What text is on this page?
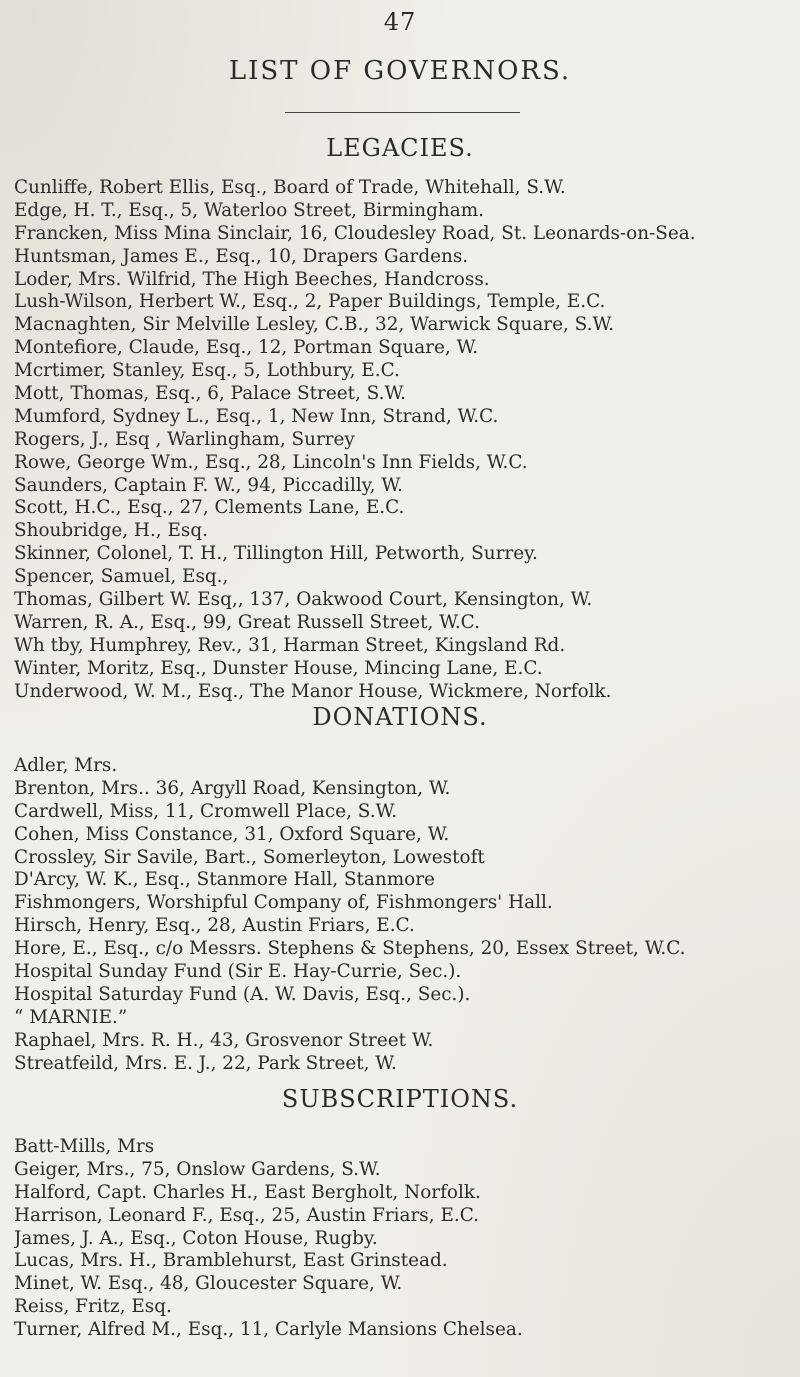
47
LIST OF GOVERNORS.
LEGACIES.
Cunliffe, Robert Ellis, Esq., Board of Trade, Whitehall, S.W.
Edge, H. T., Esq., 5, Waterloo Street, Birmingham.
Francken, Miss Mina Sinclair, 16, Cloudesley Road, St. Leonards-on-Sea.
Huntsman, James E., Esq., 10, Drapers Gardens.
Loder, Mrs. Wilfrid, The High Beeches, Handcross.
Lush-Wilson, Herbert W., Esq., 2, Paper Buildings, Temple, E.C.
Macnaghten, Sir Melville Lesley, C.B., 32, Warwick Square, S.W.
Montefiore, Claude, Esq., 12, Portman Square, W.
Mcrtimer, Stanley, Esq., 5, Lothbury, E.C.
Mott, Thomas, Esq., 6, Palace Street, S.W.
Mumford, Sydney L., Esq., 1, New Inn, Strand, W.C.
Rogers, J., Esq , Warlingham, Surrey
Rowe, George Wm., Esq., 28, Lincoln's Inn Fields, W.C.
Saunders, Captain F. W., 94, Piccadilly, W.
Scott, H.C., Esq., 27, Clements Lane, E.C.
Shoubridge, H., Esq.
Skinner, Colonel, T. H., Tillington Hill, Petworth, Surrey.
Spencer, Samuel, Esq.,
Thomas, Gilbert W. Esq,, 137, Oakwood Court, Kensington, W.
Warren, R. A., Esq., 99, Great Russell Street, W.C.
Wh tby, Humphrey, Rev., 31, Harman Street, Kingsland Rd.
Winter, Moritz, Esq., Dunster House, Mincing Lane, E.C.
Underwood, W. M., Esq., The Manor House, Wickmere, Norfolk.
DONATIONS.
Adler, Mrs.
Brenton, Mrs.. 36, Argyll Road, Kensington, W.
Cardwell, Miss, 11, Cromwell Place, S.W.
Cohen, Miss Constance, 31, Oxford Square, W.
Crossley, Sir Savile, Bart., Somerleyton, Lowestoft
D'Arcy, W. K., Esq., Stanmore Hall, Stanmore
Fishmongers, Worshipful Company of, Fishmongers' Hall.
Hirsch, Henry, Esq., 28, Austin Friars, E.C.
Hore, E., Esq., c/o Messrs. Stephens & Stephens, 20, Essex Street, W.C.
Hospital Sunday Fund (Sir E. Hay-Currie, Sec.).
Hospital Saturday Fund (A. W. Davis, Esq., Sec.).
“ MARNIE.”
Raphael, Mrs. R. H., 43, Grosvenor Street W.
Streatfeild, Mrs. E. J., 22, Park Street, W.
SUBSCRIPTIONS.
Batt-Mills, Mrs
Geiger, Mrs., 75, Onslow Gardens, S.W.
Halford, Capt. Charles H., East Bergholt, Norfolk.
Harrison, Leonard F., Esq., 25, Austin Friars, E.C.
James, J. A., Esq., Coton House, Rugby.
Lucas, Mrs. H., Bramblehurst, East Grinstead.
Minet, W. Esq., 48, Gloucester Square, W.
Reiss, Fritz, Esq.
Turner, Alfred M., Esq., 11, Carlyle Mansions Chelsea.
